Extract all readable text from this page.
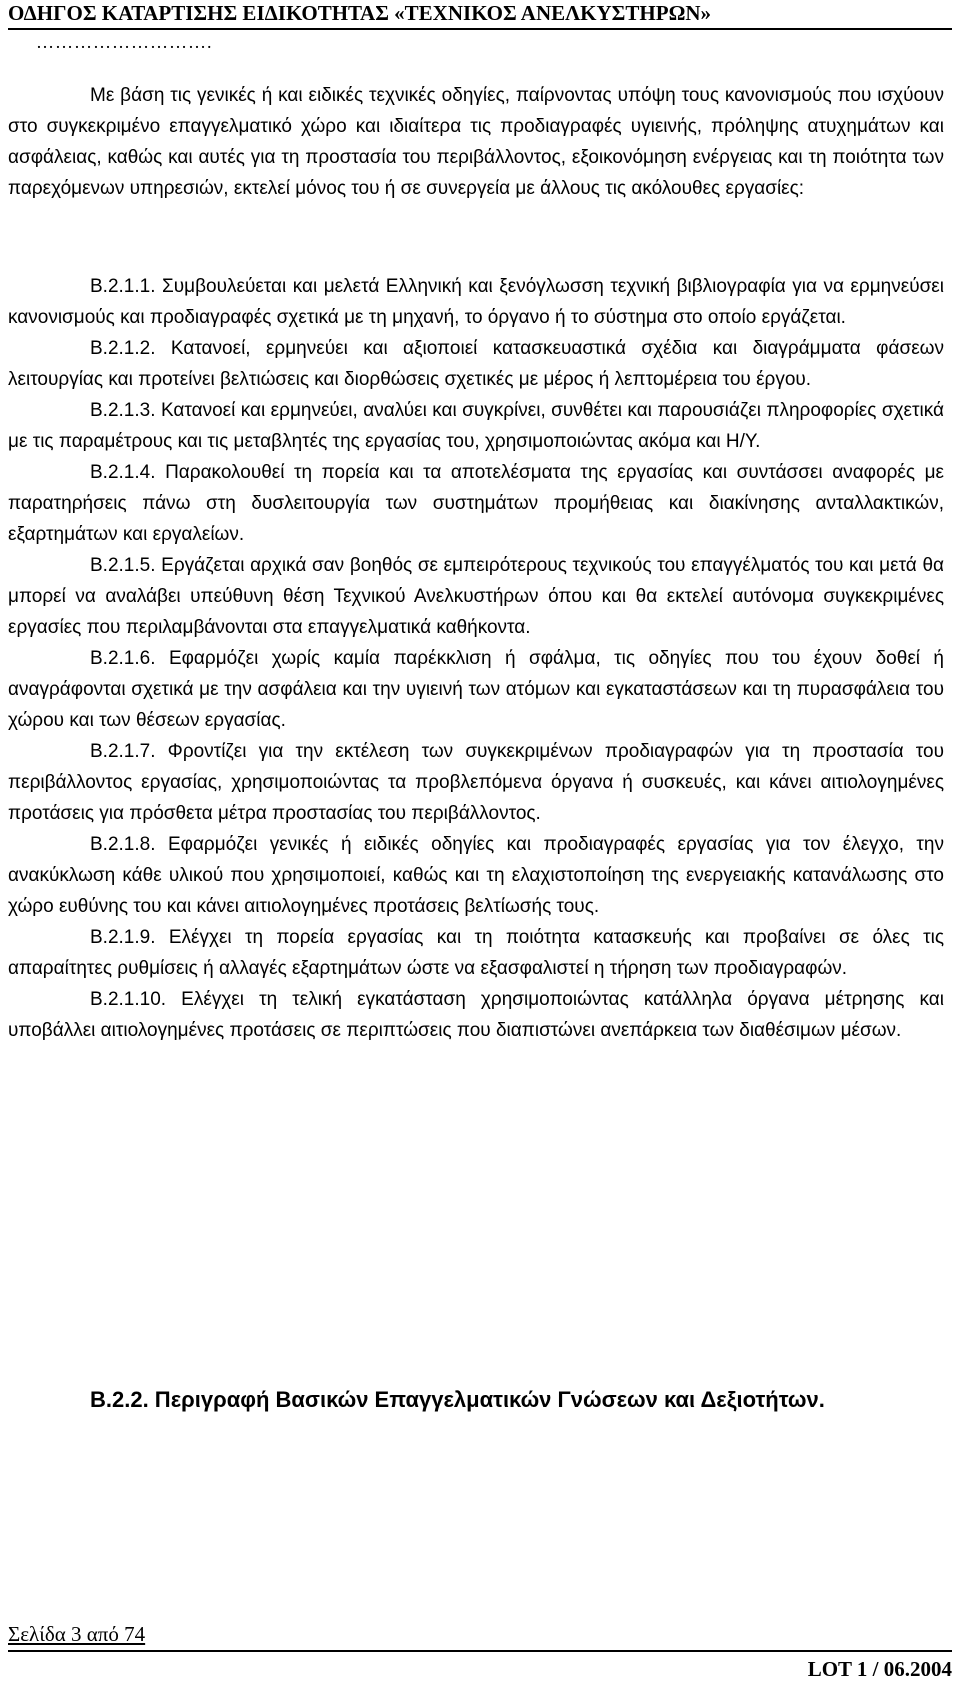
ΟΔΗΓΟΣ ΚΑΤΑΡΤΙΣΗΣ ΕΙΔΙΚΟΤΗΤΑΣ «ΤΕΧΝΙΚΟΣ ΑΝΕΛΚΥΣΤΗΡΩΝ»
……………………….

Με βάση τις γενικές ή και ειδικές τεχνικές οδηγίες, παίρνοντας υπόψη τους κανονισμούς που ισχύουν στο συγκεκριμένο επαγγελματικό χώρο και ιδιαίτερα τις προδιαγραφές υγιεινής, πρόληψης ατυχημάτων και ασφάλειας, καθώς και αυτές για τη προστασία του περιβάλλοντος, εξοικονόμηση ενέργειας και τη ποιότητα των παρεχόμενων υπηρεσιών, εκτελεί μόνος του ή σε συνεργεία με άλλους τις ακόλουθες εργασίες:

Β.2.1.1. Συμβουλεύεται και μελετά Ελληνική και ξενόγλωσση τεχνική βιβλιογραφία για να ερμηνεύσει κανονισμούς και προδιαγραφές σχετικά με τη μηχανή, το όργανο ή το σύστημα στο οποίο εργάζεται.

Β.2.1.2. Κατανοεί, ερμηνεύει και αξιοποιεί κατασκευαστικά σχέδια και διαγράμματα φάσεων λειτουργίας και προτείνει βελτιώσεις και διορθώσεις σχετικές με μέρος ή λεπτομέρεια του έργου.

Β.2.1.3. Κατανοεί και ερμηνεύει, αναλύει και συγκρίνει, συνθέτει και παρουσιάζει πληροφορίες σχετικά με τις παραμέτρους και τις μεταβλητές της εργασίας του, χρησιμοποιώντας ακόμα και Η/Υ.

Β.2.1.4. Παρακολουθεί τη πορεία και τα αποτελέσματα της εργασίας και συντάσσει αναφορές με παρατηρήσεις πάνω στη δυσλειτουργία των συστημάτων προμήθειας και διακίνησης ανταλλακτικών, εξαρτημάτων και εργαλείων.

Β.2.1.5. Εργάζεται αρχικά σαν βοηθός σε εμπειρότερους τεχνικούς του επαγγέλματός του και μετά θα μπορεί να αναλάβει υπεύθυνη θέση Τεχνικού Ανελκυστήρων όπου και θα εκτελεί αυτόνομα συγκεκριμένες εργασίες που περιλαμβάνονται στα επαγγελματικά καθήκοντα.

Β.2.1.6. Εφαρμόζει χωρίς καμία παρέκκλιση ή σφάλμα, τις οδηγίες που του έχουν δοθεί ή αναγράφονται σχετικά με την ασφάλεια και την υγιεινή των ατόμων και εγκαταστάσεων και τη πυρασφάλεια του χώρου και των θέσεων εργασίας.

Β.2.1.7. Φροντίζει για την εκτέλεση των συγκεκριμένων προδιαγραφών για τη προστασία του περιβάλλοντος εργασίας, χρησιμοποιώντας τα προβλεπόμενα όργανα ή συσκευές, και κάνει αιτιολογημένες προτάσεις για πρόσθετα μέτρα προστασίας του περιβάλλοντος.

Β.2.1.8. Εφαρμόζει γενικές ή ειδικές οδηγίες και προδιαγραφές εργασίας για τον έλεγχο, την ανακύκλωση κάθε υλικού που χρησιμοποιεί, καθώς και τη ελαχιστοποίηση της ενεργειακής κατανάλωσης στο χώρο ευθύνης του και κάνει αιτιολογημένες προτάσεις βελτίωσής τους.

Β.2.1.9. Ελέγχει τη πορεία εργασίας και τη ποιότητα κατασκευής και προβαίνει σε όλες τις απαραίτητες ρυθμίσεις ή αλλαγές εξαρτημάτων ώστε να εξασφαλιστεί η τήρηση των προδιαγραφών.

Β.2.1.10. Ελέγχει τη τελική εγκατάσταση χρησιμοποιώντας κατάλληλα όργανα μέτρησης και υποβάλλει αιτιολογημένες προτάσεις σε περιπτώσεις που διαπιστώνει ανεπάρκεια των διαθέσιμων μέσων.

Β.2.2. Περιγραφή Βασικών Επαγγελματικών Γνώσεων και Δεξιοτήτων.

Σελίδα 3 από 74
LOT 1 / 06.2004
